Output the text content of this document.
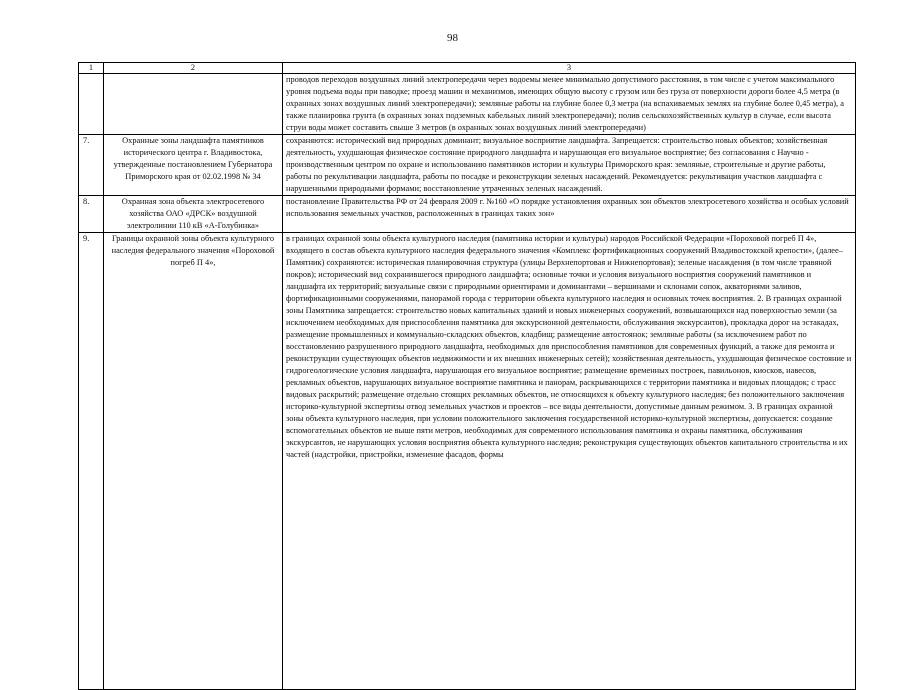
98
1	2	3
		проводов переходов воздушных линий электропередачи через водоемы менее минимально допустимого расстояния, в том числе с учетом максимального уровня подъема воды при паводке; проезд машин и механизмов, имеющих общую высоту с грузом или без груза от поверхности дороги более 4,5 метра (в охранных зонах воздушных линий электропередачи); земляные работы на глубине более 0,3 метра (на вспахиваемых землях на глубине более 0,45 метра), а также планировка грунта (в охранных зонах подземных кабельных линий электропередачи); полив сельскохозяйственных культур в случае, если высота струи воды может составить свыше 3 метров (в охранных зонах воздушных линий электропередачи)
7.	Охранные зоны ландшафта памятников исторического центра г. Владивостока, утвержденные постановлением Губернатора Приморского края от 02.02.1998 № 34	сохраняются: исторический вид природных доминант; визуальное восприятие ландшафта. Запрещается: строительство новых объектов; хозяйственная деятельность, ухудшающая физическое состояние природного ландшафта и нарушающая его визуальное восприятие; без согласования с Научно - производственным центром по охране и использованию памятников истории и культуры Приморского края: земляные, строительные и другие работы, работы по рекультивации ландшафта, работы по посадке и реконструкции зеленых насаждений. Рекомендуется: рекультивация участков ландшафта с нарушенными природными формами; восстановление утраченных зеленых насаждений.
8.	Охранная зона объекта электросетевого хозяйства ОАО «ДРСК» воздушной электролинии 110 кВ «А-Голубинка»	постановление Правительства РФ от 24 февраля 2009 г. №160 «О порядке установления охранных зон объектов электросетевого хозяйства и особых условий использования земельных участков, расположенных в границах таких зон»
9.	Границы охранной зоны объекта культурного наследия федерального значения «Пороховой погреб П 4»,	в границах охранной зоны объекта культурного наследия (памятника истории и культуры) народов Российской Федерации «Пороховой погреб П 4», входящего в состав объекта культурного наследия федерального значения «Комплекс фортификационных сооружений Владивостокской крепости», (далее– Памятник) сохраняются: историческая планировочная структура (улицы Верхнепортовая и Нижнепортовая); зеленые насаждения (в том числе травяной покров); исторический вид сохранившегося природного ландшафта; основные точки и условия визуального восприятия сооружений памятников и ландшафта их территорий; визуальные связи с природными ориентирами и доминантами – вершинами и склонами сопок, акваториями заливов, фортификационными сооружениями, панорамой города с территории объекта культурного наследия и основных точек восприятия. 2. В границах охранной зоны Памятника запрещается: строительство новых капитальных зданий и новых инженерных сооружений, возвышающихся над поверхностью земли (за исключением необходимых для приспособления памятника для экскурсионной деятельности, обслуживания экскурсантов), прокладка дорог на эстакадах, размещение промышленных и коммунально-складских объектов, кладбищ; размещение автостоянок; земляные работы (за исключением работ по восстановлению разрушенного природного ландшафта, необходимых для приспособления памятников для современных функций, а также для ремонта и реконструкции существующих объектов недвижимости и их внешних инженерных сетей); хозяйственная деятельность, ухудшающая физическое состояние и гидрогеологические условия ландшафта, нарушающая его визуальное восприятие; размещение временных построек, павильонов, киосков, навесов, рекламных объектов, нарушающих визуальное восприятие памятника и панорам, раскрывающихся с территории памятника и видовых площадок; с трасс видовых раскрытий; размещение отдельно стоящих рекламных объектов, не относящихся к объекту культурного наследия; без положительного заключения историко-культурной экспертизы отвод земельных участков и проектов – все виды деятельности, допустимые данным режимом. 3. В границах охранной зоны объекта культурного наследия, при условии положительного заключения государственной историко-культурной экспертизы, допускается: создание вспомогательных объектов не выше пяти метров, необходимых для современного использования памятника и охраны памятника, обслуживания экскурсантов, не нарушающих условия восприятия объекта культурного наследия; реконструкция существующих объектов капитального строительства и их частей (надстройки, пристройки, изменение фасадов, формы
